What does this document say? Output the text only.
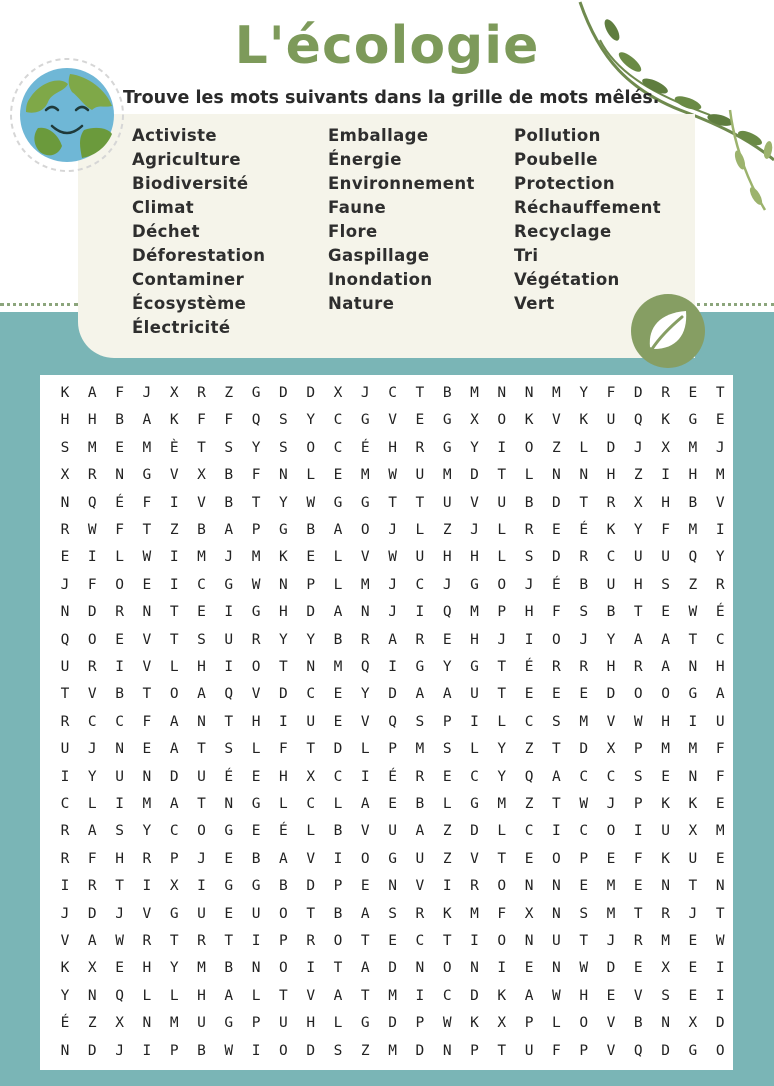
L'écologie
Trouve les mots suivants dans la grille de mots mêlés.
Activiste
Agriculture
Biodiversité
Climat
Déchet
Déforestation
Contaminer
Écosystème
Électricité
Emballage
Énergie
Environnement
Faune
Flore
Gaspillage
Inondation
Nature
Pollution
Poubelle
Protection
Réchauffement
Recyclage
Tri
Végétation
Vert
K	A	F	J	X	R	Z	G	D	D	X	J	C	T	B	M	N	N	M	Y	F	D	R	E	T
H	H	B	A	K	F	F	Q	S	Y	C	G	V	E	G	X	O	K	V	K	U	Q	K	G	E
S	M	E	M	È	T	S	Y	S	O	C	É	H	R	G	Y	I	O	Z	L	D	J	X	M	J
X	R	N	G	V	X	B	F	N	L	E	M	W	U	M	D	T	L	N	N	H	Z	I	H	M
N	Q	É	F	I	V	B	T	Y	W	G	G	T	T	U	V	U	B	D	T	R	X	H	B	V
R	W	F	T	Z	B	A	P	G	B	A	O	J	L	Z	J	L	R	E	É	K	Y	F	M	I
E	I	L	W	I	M	J	M	K	E	L	V	W	U	H	H	L	S	D	R	C	U	U	Q	Y
J	F	O	E	I	C	G	W	N	P	L	M	J	C	J	G	O	J	É	B	U	H	S	Z	R
N	D	R	N	T	E	I	G	H	D	A	N	J	I	Q	M	P	H	F	S	B	T	E	W	É
Q	O	E	V	T	S	U	R	Y	Y	B	R	A	R	E	H	J	I	O	J	Y	A	A	T	C
U	R	I	V	L	H	I	O	T	N	M	Q	I	G	Y	G	T	É	R	R	H	R	A	N	H
T	V	B	T	O	A	Q	V	D	C	E	Y	D	A	A	U	T	E	E	E	D	O	O	G	A
R	C	C	F	A	N	T	H	I	U	E	V	Q	S	P	I	L	C	S	M	V	W	H	I	U
U	J	N	E	A	T	S	L	F	T	D	L	P	M	S	L	Y	Z	T	D	X	P	M	M	F
I	Y	U	N	D	U	É	E	H	X	C	I	É	R	E	C	Y	Q	A	C	C	S	E	N	F
C	L	I	M	A	T	N	G	L	C	L	A	E	B	L	G	M	Z	T	W	J	P	K	K	E
R	A	S	Y	C	O	G	E	É	L	B	V	U	A	Z	D	L	C	I	C	O	I	U	X	M
R	F	H	R	P	J	E	B	A	V	I	O	G	U	Z	V	T	E	O	P	E	F	K	U	E
I	R	T	I	X	I	G	G	B	D	P	E	N	V	I	R	O	N	N	E	M	E	N	T	N
J	D	J	V	G	U	E	U	O	T	B	A	S	R	K	M	F	X	N	S	M	T	R	J	T
V	A	W	R	T	R	T	I	P	R	O	T	E	C	T	I	O	N	U	T	J	R	M	E	W
K	X	E	H	Y	M	B	N	O	I	T	A	D	N	O	N	I	E	N	W	D	E	X	E	I
Y	N	Q	L	L	H	A	L	T	V	A	T	M	I	C	D	K	A	W	H	E	V	S	E	I
É	Z	X	N	M	U	G	P	U	H	L	G	D	P	W	K	X	P	L	O	V	B	N	X	D
N	D	J	I	P	B	W	I	O	D	S	Z	M	D	N	P	T	U	F	P	V	Q	D	G	O
